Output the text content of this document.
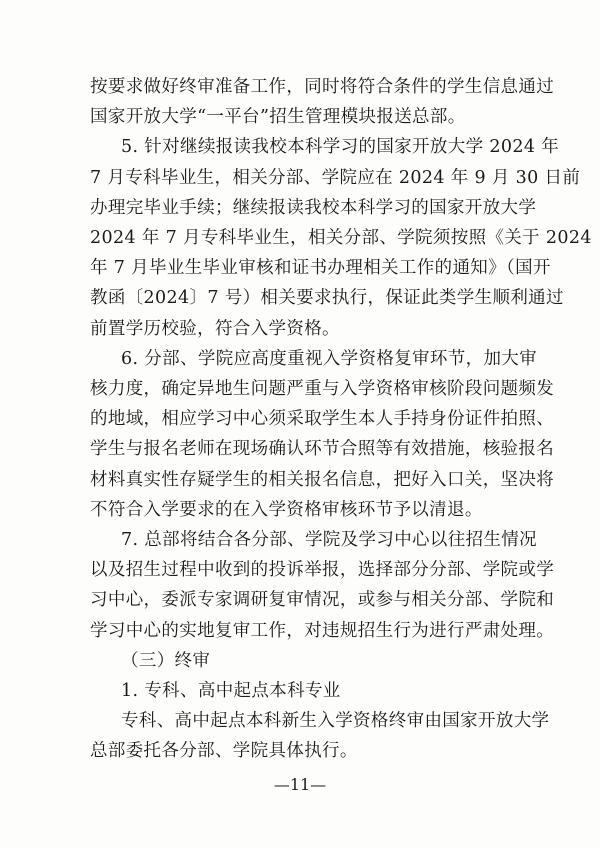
按要求做好终审准备工作，同时将符合条件的学生信息通过
国家开放大学“一平台”招生管理模块报送总部。
5. 针对继续报读我校本科学习的国家开放大学 2024 年
7 月专科毕业生，相关分部、学院应在 2024 年 9 月 30 日前
办理完毕业手续；继续报读我校本科学习的国家开放大学
2024 年 7 月专科毕业生，相关分部、学院须按照《关于 2024
年 7 月毕业生毕业审核和证书办理相关工作的通知》（国开
教函〔2024〕7 号）相关要求执行，保证此类学生顺利通过
前置学历校验，符合入学资格。
6. 分部、学院应高度重视入学资格复审环节，加大审
核力度，确定异地生问题严重与入学资格审核阶段问题频发
的地域，相应学习中心须采取学生本人手持身份证件拍照、
学生与报名老师在现场确认环节合照等有效措施，核验报名
材料真实性存疑学生的相关报名信息，把好入口关，坚决将
不符合入学要求的在入学资格审核环节予以清退。
7. 总部将结合各分部、学院及学习中心以往招生情况
以及招生过程中收到的投诉举报，选择部分分部、学院或学
习中心，委派专家调研复审情况，或参与相关分部、学院和
学习中心的实地复审工作，对违规招生行为进行严肃处理。
（三）终审
1. 专科、高中起点本科专业
专科、高中起点本科新生入学资格终审由国家开放大学
总部委托各分部、学院具体执行。
—11—
